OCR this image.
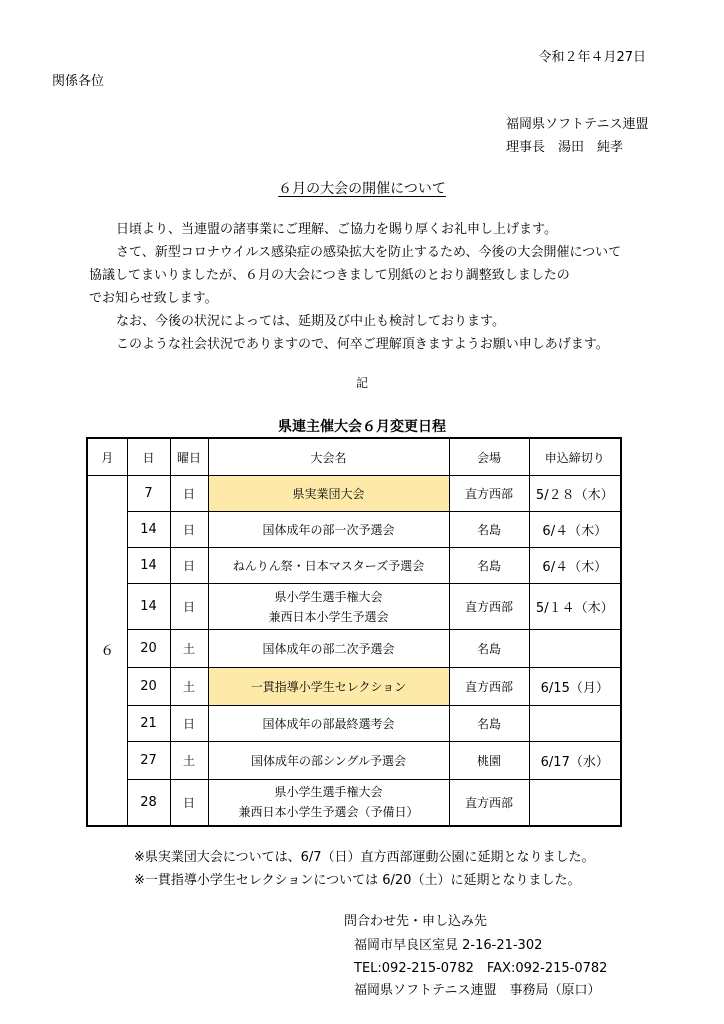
令和２年４月27日
関係各位
福岡県ソフトテニス連盟
理事長　湯田　純孝
６月の大会の開催について

　日頃より、当連盟の諸事業にご理解、ご協力を賜り厚くお礼申し上げます。

　さて、新型コロナウイルス感染症の感染拡大を防止するため、今後の大会開催について

協議してまいりましたが、６月の大会につきまして別紙のとおり調整致しましたの

でお知らせ致します。

　なお、今後の状況によっては、延期及び中止も検討しております。

　このような社会状況でありますので、何卒ご理解頂きますようお願い申しあげます。

記
県連主催大会６月変更日程
月	日	曜日	大会名	会場	申込締切り
６	7	日	県実業団大会	直方西部	5/２８（木）
	14	日	国体成年の部一次予選会	名島	6/４（木）
	14	日	ねんりん祭・日本マスターズ予選会	名島	6/４（木）
	14	日	県小学生選手権大会
兼西日本小学生予選会	直方西部	5/１４（木）
	20	土	国体成年の部二次予選会	名島	
	20	土	一貫指導小学生セレクション	直方西部	6/15（月）
	21	日	国体成年の部最終選考会	名島	
	27	土	国体成年の部シングル予選会	桃園	6/17（水）
	28	日	県小学生選手権大会
兼西日本小学生予選会（予備日）	直方西部	
※県実業団大会については、6/7（日）直方西部運動公園に延期となりました。
※一貫指導小学生セレクションについては 6/20（土）に延期となりました。
問合わせ先・申し込み先
福岡市早良区室見 2-16-21-302
TEL:092-215-0782　FAX:092-215-0782
福岡県ソフトテニス連盟　事務局（原口）
